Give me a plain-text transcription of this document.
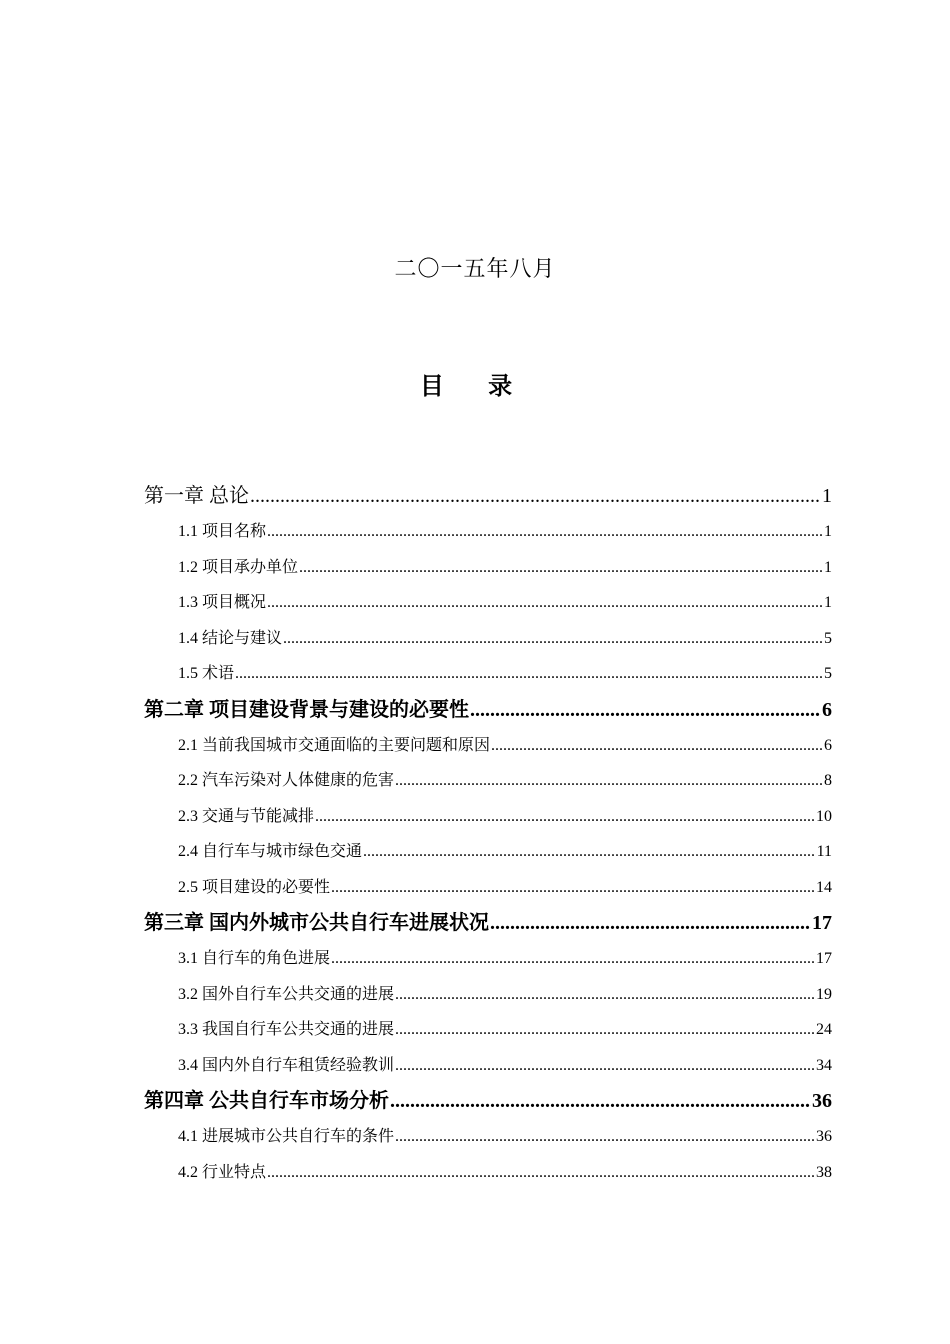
二〇一五年八月
目 录
第一章 总论 .....	1
1.1 项目名称 .....	1
1.2 项目承办单位 .....	1
1.3 项目概况 .....	1
1.4 结论与建议 .....	5
1.5 术语 .....	5
第二章 项目建设背景与建设的必要性 .....	6
2.1 当前我国城市交通面临的主要问题和原因 .....	6
2.2 汽车污染对人体健康的危害 .....	8
2.3 交通与节能减排 .....	10
2.4 自行车与城市绿色交通 .....	11
2.5 项目建设的必要性 .....	14
第三章 国内外城市公共自行车进展状况 .....	17
3.1 自行车的角色进展 .....	17
3.2 国外自行车公共交通的进展 .....	19
3.3 我国自行车公共交通的进展 .....	24
3.4 国内外自行车租赁经验教训 .....	34
第四章 公共自行车市场分析 .....	36
4.1 进展城市公共自行车的条件 .....	36
4.2 行业特点 .....	38
